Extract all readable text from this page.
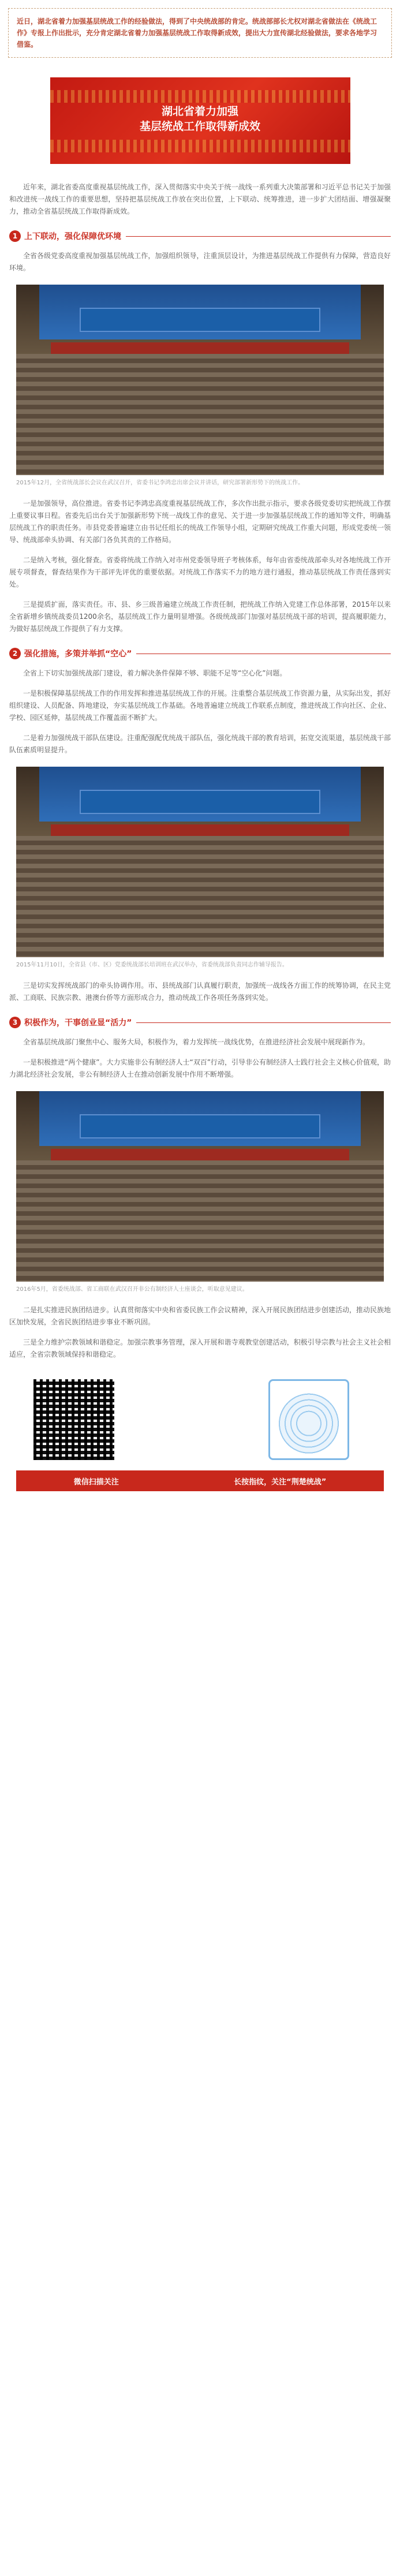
近日，湖北省着力加强基层统战工作的经验做法，得到了中央统战部的肯定。统战部部长尤权对湖北省做法在《统战工作》专报上作出批示，充分肯定湖北省着力加强基层统战工作取得新成效，提出大力宣传湖北经验做法，要求各地学习借鉴。
湖北省着力加强
基层统战工作取得新成效

近年来，湖北省委高度重视基层统战工作，深入贯彻落实中央关于统一战线一系列重大决策部署和习近平总书记关于加强和改进统一战线工作的重要思想，坚持把基层统战工作放在突出位置，上下联动、统筹推进，进一步扩大团结面、增强凝聚力，推动全省基层统战工作取得新成效。

1 上下联动，强化保障优环境

全省各级党委高度重视加强基层统战工作，加强组织领导，注重顶层设计，为推进基层统战工作提供有力保障，营造良好环境。

2015年12月，全省统战部长会议在武汉召开，省委书记李鸿忠出席会议并讲话，研究部署新形势下的统战工作。

一是加强领导，高位推进。省委书记李鸿忠高度重视基层统战工作，多次作出批示指示，要求各级党委切实把统战工作摆上重要议事日程。省委先后出台关于加强新形势下统一战线工作的意见、关于进一步加强基层统战工作的通知等文件，明确基层统战工作的职责任务。市县党委普遍建立由书记任组长的统战工作领导小组，定期研究统战工作重大问题，形成党委统一领导、统战部牵头协调、有关部门各负其责的工作格局。

二是纳入考核，强化督查。省委将统战工作纳入对市州党委领导班子考核体系，每年由省委统战部牵头对各地统战工作开展专项督查，督查结果作为干部评先评优的重要依据。对统战工作落实不力的地方进行通报，推动基层统战工作责任落到实处。

三是提质扩面，落实责任。市、县、乡三级普遍建立统战工作责任制，把统战工作纳入党建工作总体部署，2015年以来全省新增乡镇统战委员1200余名，基层统战工作力量明显增强。各级统战部门加强对基层统战干部的培训，提高履职能力，为做好基层统战工作提供了有力支撑。

2 强化措施，多策并举抓“空心”

全省上下切实加强统战部门建设，着力解决条件保障不够、职能不足等“空心化”问题。

一是积极保障基层统战工作的作用发挥和推进基层统战工作的开展。注重整合基层统战工作资源力量，从实际出发，抓好组织建设、人员配备、阵地建设，夯实基层统战工作基础。各地普遍建立统战工作联系点制度，推进统战工作向社区、企业、学校、园区延伸，基层统战工作覆盖面不断扩大。

二是着力加强统战干部队伍建设。注重配强配优统战干部队伍，强化统战干部的教育培训，拓宽交流渠道，基层统战干部队伍素质明显提升。

2015年11月10日，全省县（市、区）党委统战部长培训班在武汉举办，省委统战部负责同志作辅导报告。

三是切实发挥统战部门的牵头协调作用。市、县统战部门认真履行职责，加强统一战线各方面工作的统筹协调，在民主党派、工商联、民族宗教、港澳台侨等方面形成合力，推动统战工作各项任务落到实处。

3 积极作为，干事创业显“活力”

全省基层统战部门聚焦中心、服务大局，积极作为，着力发挥统一战线优势，在推进经济社会发展中展现新作为。

一是积极推进“两个健康”。大力实施非公有制经济人士“双百”行动，引导非公有制经济人士践行社会主义核心价值观，助力湖北经济社会发展，非公有制经济人士在推动创新发展中作用不断增强。

2016年5月，省委统战部、省工商联在武汉召开非公有制经济人士座谈会，听取意见建议。

二是扎实推进民族团结进步。认真贯彻落实中央和省委民族工作会议精神，深入开展民族团结进步创建活动，推动民族地区加快发展，全省民族团结进步事业不断巩固。

三是全力维护宗教领域和谐稳定。加强宗教事务管理，深入开展和谐寺观教堂创建活动，积极引导宗教与社会主义社会相适应，全省宗教领域保持和谐稳定。

微信扫描关注	长按指纹，关注“荆楚统战”
